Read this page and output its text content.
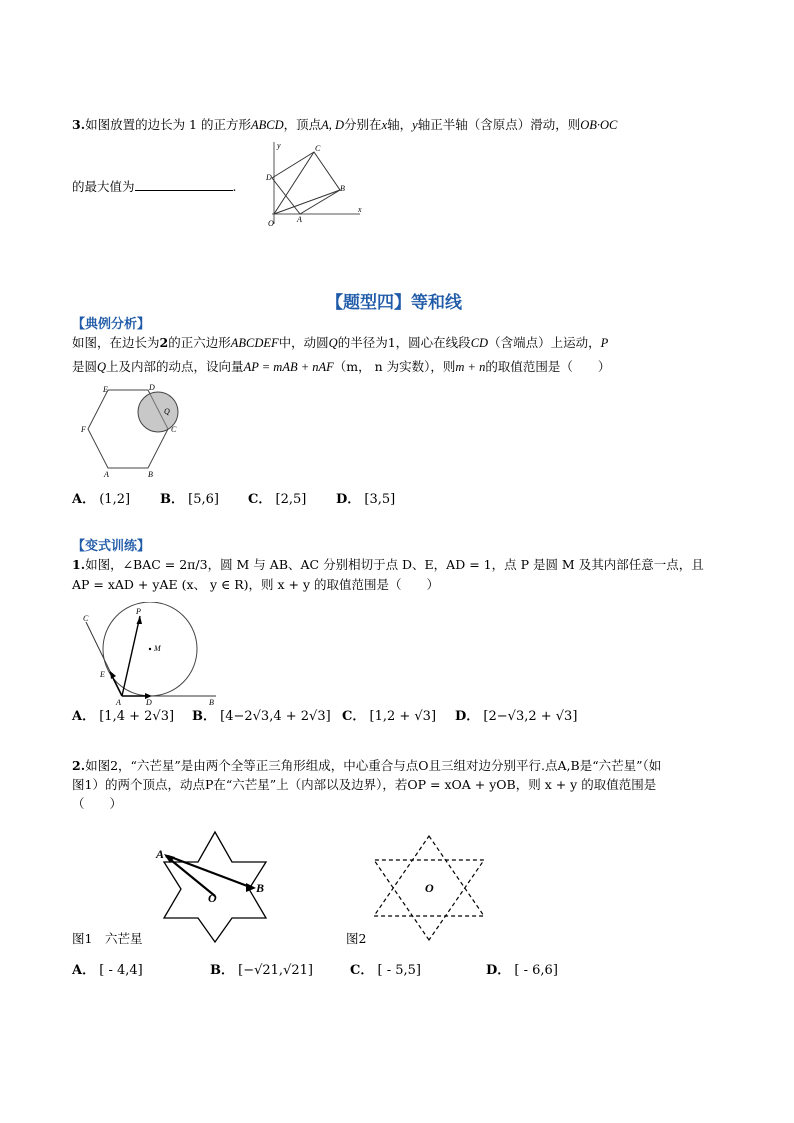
3.如图放置的边长为 1 的正方形ABCD，顶点A, D分别在x轴，y轴正半轴（含原点）滑动，则OB·OC
的最大值为	.
y
x
O	A
B
C
D
【题型四】等和线
【典例分析】
如图，在边长为2的正六边形ABCDEF中，动圆Q的半径为1，圆心在线段CD（含端点）上运动，P
是圆Q上及内部的动点，设向量AP = mAB + nAF（m， n 为实数），则m + n的取值范围是（　　）
A	B
C
D
E
F
Q
A． (1,2] B． [5,6] C． [2,5] D． [3,5]
【变式训练】
1.如图，∠BAC = 2π/3，圆 M 与 AB、AC 分别相切于点 D、E，AD = 1，点 P 是圆 M 及其内部任意一点，且
AP = xAD + yAE (x、 y ∈ R)，则 x + y 的取值范围是（　　）
C
P
M
E
A	D	B
A． [1,4 + 2√3] B． [4−2√3,4 + 2√3] C． [1,2 + √3] D． [2−√3,2 + √3]
2.如图2，“六芒星”是由两个全等正三角形组成，中心重合与点O且三组对边分别平行.点A,B是“六芒星”（如
图1）的两个顶点，动点P在“六芒星”上（内部以及边界），若OP = xOA + yOB，则 x + y 的取值范围是
（　　）
A
B
O
O
图1　六芒星	图2
A． [ - 4,4]	B． [−√21,√21]	C． [ - 5,5]	D． [ - 6,6]
